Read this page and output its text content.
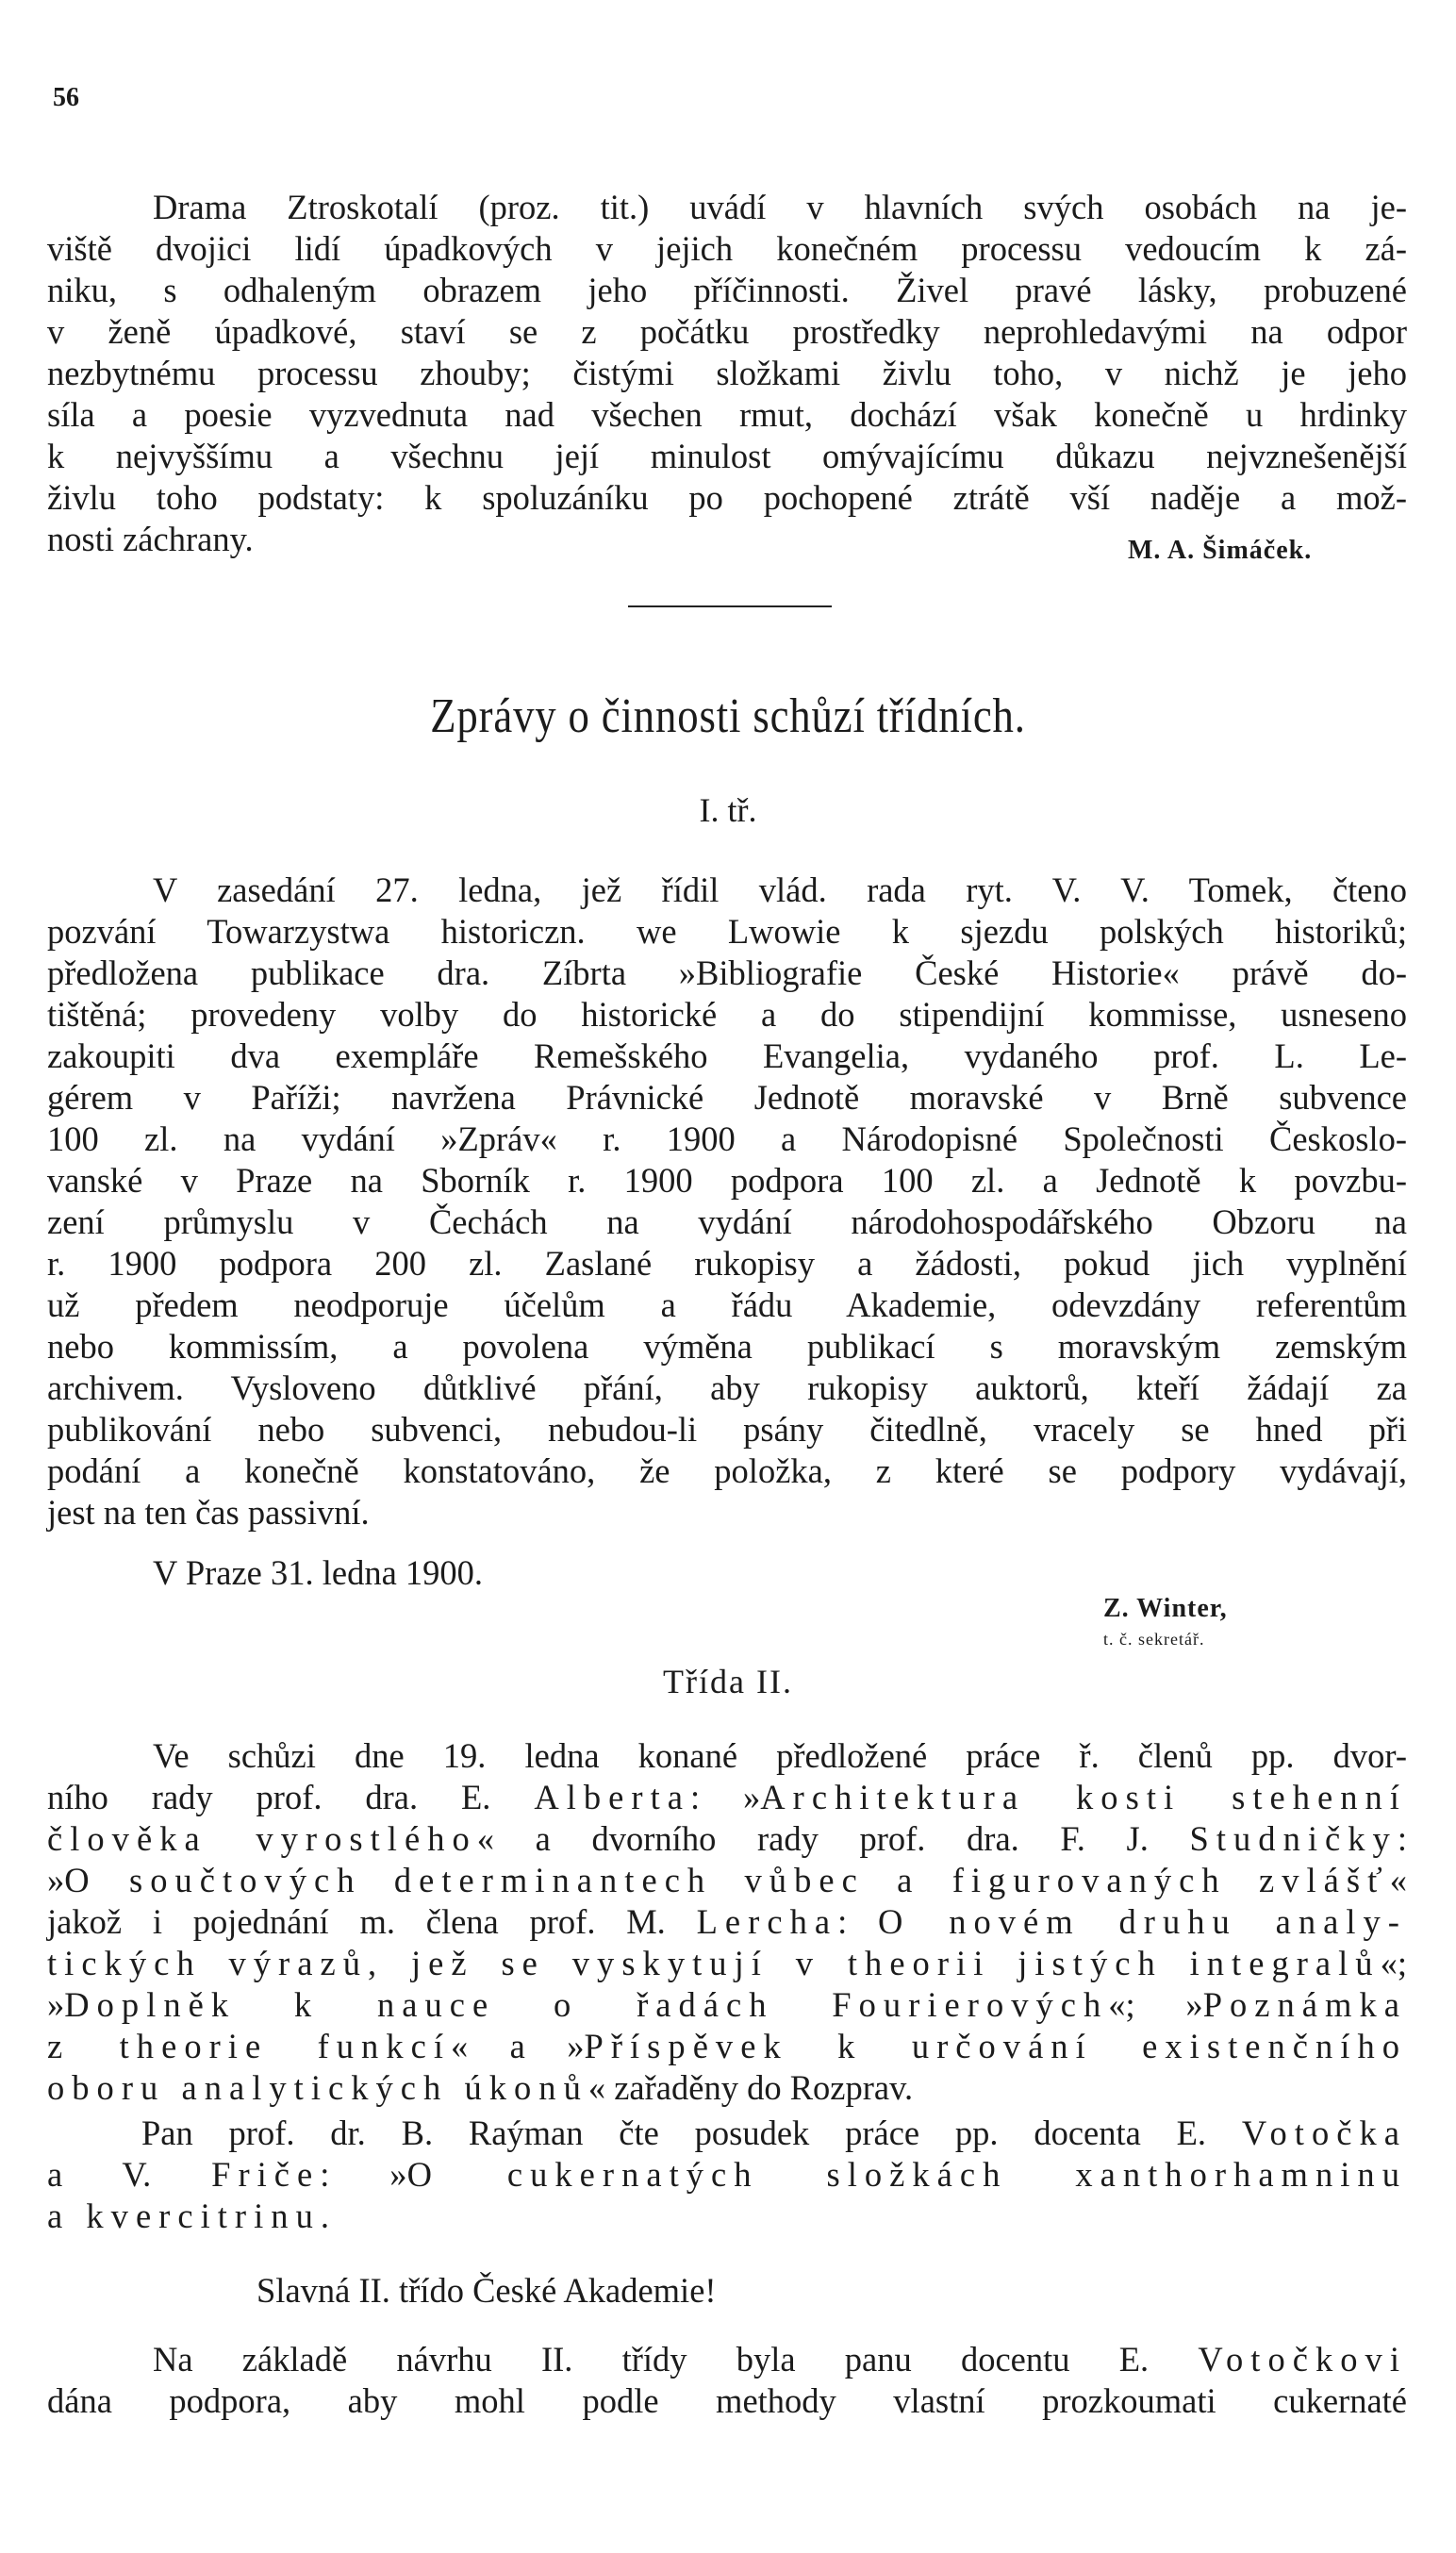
56

Drama Ztroskotalí (proz. tit.) uvádí v hlavních svých osobách na je-

viště dvojici lidí úpadkových v jejich konečném processu vedoucím k zá-

niku, s odhaleným obrazem jeho příčinnosti. Živel pravé lásky, probuzené

v ženě úpadkové, staví se z počátku prostředky neprohledavými na odpor

nezbytnému processu zhouby; čistými složkami živlu toho, v nichž je jeho

síla a poesie vyzvednuta nad všechen rmut, dochází však konečně u hrdinky

k nejvyššímu a všechnu její minulost omývajícímu důkazu nejvznešenější

živlu toho podstaty: k spoluzáníku po pochopené ztrátě vší naděje a mož-

nosti záchrany.	M. A. Šimáček.
Zprávy o činnosti schůzí třídních.
I. tř.

V zasedání 27. ledna, jež řídil vlád. rada ryt. V. V. Tomek, čteno

pozvání Towarzystwa historiczn. we Lwowie k sjezdu polských historiků;

předložena publikace dra. Zíbrta »Bibliografie České Historie« právě do-

tištěná; provedeny volby do historické a do stipendijní kommisse, usneseno

zakoupiti dva exempláře Remešského Evangelia, vydaného prof. L. Le-

gérem v Paříži; navržena Právnické Jednotě moravské v Brně subvence

100 zl. na vydání »Zpráv« r. 1900 a Národopisné Společnosti Českoslo-

vanské v Praze na Sborník r. 1900 podpora 100 zl. a Jednotě k povzbu-

zení průmyslu v Čechách na vydání národohospodářského Obzoru na

r. 1900 podpora 200 zl. Zaslané rukopisy a žádosti, pokud jich vyplnění

už předem neodporuje účelům a řádu Akademie, odevzdány referentům

nebo kommissím, a povolena výměna publikací s moravským zemským

archivem. Vysloveno důtklivé přání, aby rukopisy auktorů, kteří žádají za

publikování nebo subvenci, nebudou-li psány čitedlně, vracely se hned při

podání a konečně konstatováno, že položka, z které se podpory vydávají,

jest na ten čas passivní.

V Praze 31. ledna 1900.
Z. Winter,
t. č. sekretář.
Třída II.

Ve schůzi dne 19. ledna konané předložené práce ř. členů pp. dvor-

ního rady prof. dra. E. Alberta: »Architektura kosti stehenní

člověka vyrostlého« a dvorního rady prof. dra. F. J. Studničky:

»O součtových determinantech vůbec a figurovaných zvlášť«

jakož i pojednání m. člena prof. M. Lercha: O novém druhu analy-

tických výrazů, jež se vyskytují v theorii jistých integralů«;

»Doplněk k nauce o řadách Fourierových«; »Poznámka

z theorie funkcí« a »Příspěvek k určování existenčního

oboru analytických úkonů« zařaděny do Rozprav.

Pan prof. dr. B. Raýman čte posudek práce pp. docenta E. Votočka

a V. Friče: »O cukernatých složkách xanthorhamninu

a kvercitrinu.

Slavná II. třído České Akademie!

Na základě návrhu II. třídy byla panu docentu E. Votočkovi

dána podpora, aby mohl podle methody vlastní prozkoumati cukernaté
